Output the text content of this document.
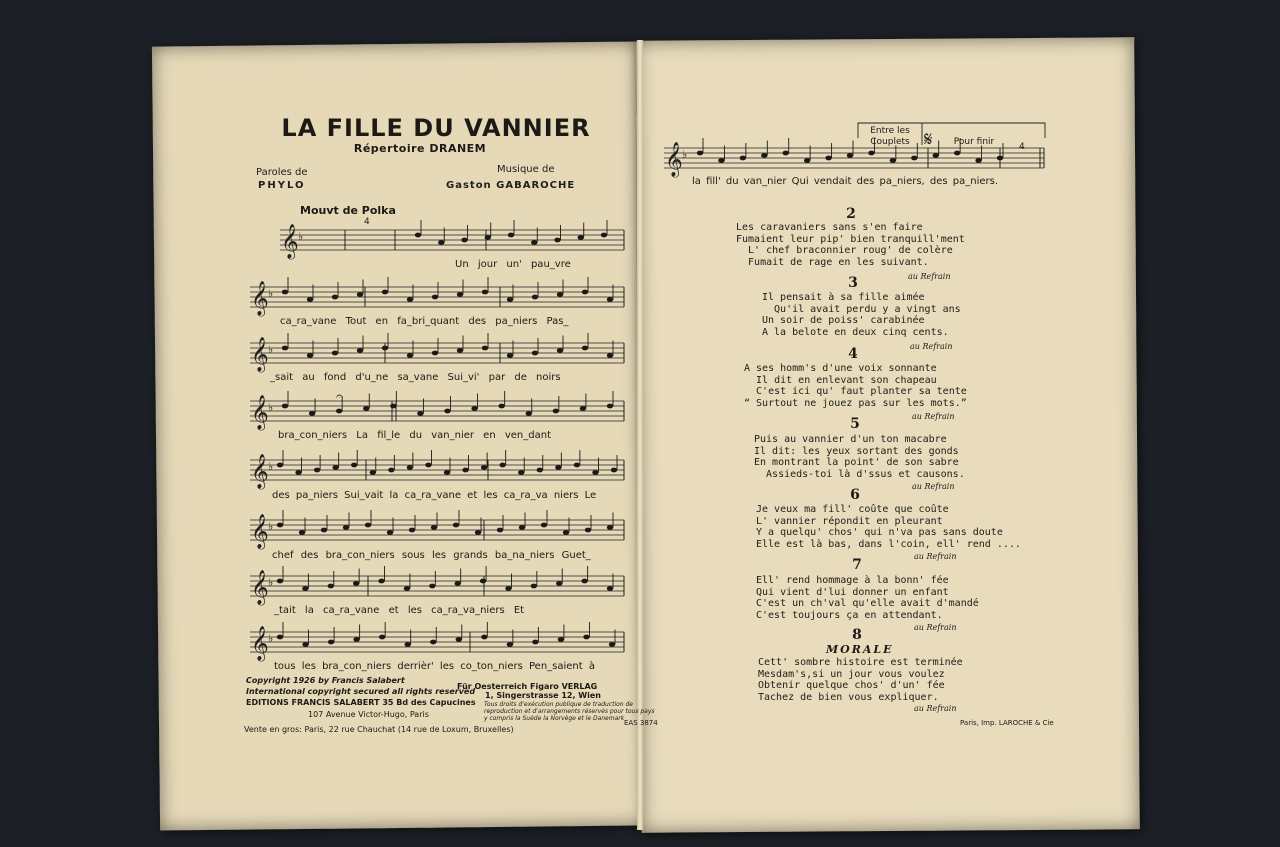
LA FILLE DU VANNIER
Répertoire DRANEM
Paroles de
PHYLO
Musique de
Gaston GABAROCHE
Mouvt de Polka
𝄞 ♭
𝄞 ♭
𝄞 ♭
𝄞 ♭
𝄞 ♭
𝄞 ♭
𝄞 ♭
𝄞 ♭
𝄞 ♭
𝄋
𝄐
4
Un jour un' pau_vre
ca_ra_vane Tout en fa_bri_quant des pa_niers Pas_
_sait au fond d'u_ne sa_vane Sui_vi' par de noirs
bra_con_niers La fil_le du van_nier en ven_dant
des pa_niers Sui_vait la ca_ra_vane et les ca_ra_va niers Le
chef des bra_con_niers sous les grands ba_na_niers Guet_
_tait la ca_ra_vane et les ca_ra_va_niers Et
tous les bra_con_niers derrièr' les co_ton_niers Pen_saient à
Copyright 1926 by Francis Salabert
International copyright secured all rights reserved
EDITIONS FRANCIS SALABERT 35 Bd des Capucines
107 Avenue Victor-Hugo, Paris
Vente en gros: Paris, 22 rue Chauchat (14 rue de Loxum, Bruxelles)
Für Oesterreich Figaro VERLAG
1, Singerstrasse 12, Wien
Tous droits d'exécution publique de traduction de
reproduction et d'arrangements réservés pour tous pays
y compris la Suède la Norvège et le Danemark
EAS 3874
Entre les
Couplets	Pour finir	4
la fill' du van_nier Qui vendait des pa_niers, des pa_niers.
2
Les caravaniers sans s'en faire
Fumaient leur pip' bien tranquill'ment
L' chef braconnier roug' de colère
Fumait de rage en les suivant.
au Refrain
3
Il pensait à sa fille aimée
Qu'il avait perdu y a vingt ans
Un soir de poiss' carabinée
A la belote en deux cinq cents.
au Refrain
4
A ses homm's d'une voix sonnante
Il dit en enlevant son chapeau
C'est ici qu' faut planter sa tente
“ Surtout ne jouez pas sur les mots.”
au Refrain
5
Puis au vannier d'un ton macabre
Il dit: les yeux sortant des gonds
En montrant la point' de son sabre
Assieds-toi là d'ssus et causons.
au Refrain
6
Je veux ma fill' coûte que coûte
L' vannier répondit en pleurant
Y a quelqu' chos' qui n'va pas sans doute
Elle est là bas, dans l'coin, ell' rend ....
au Refrain
7
Ell' rend hommage à la bonn' fée
Qui vient d'lui donner un enfant
C'est un ch'val qu'elle avait d'mandé
C'est toujours ça en attendant.
au Refrain
8
MORALE
Cett' sombre histoire est terminée
Mesdam's,si un jour vous voulez
Obtenir quelque chos' d'un' fée
Tachez de bien vous expliquer.
au Refrain
Paris, Imp. LAROCHE & Cie
